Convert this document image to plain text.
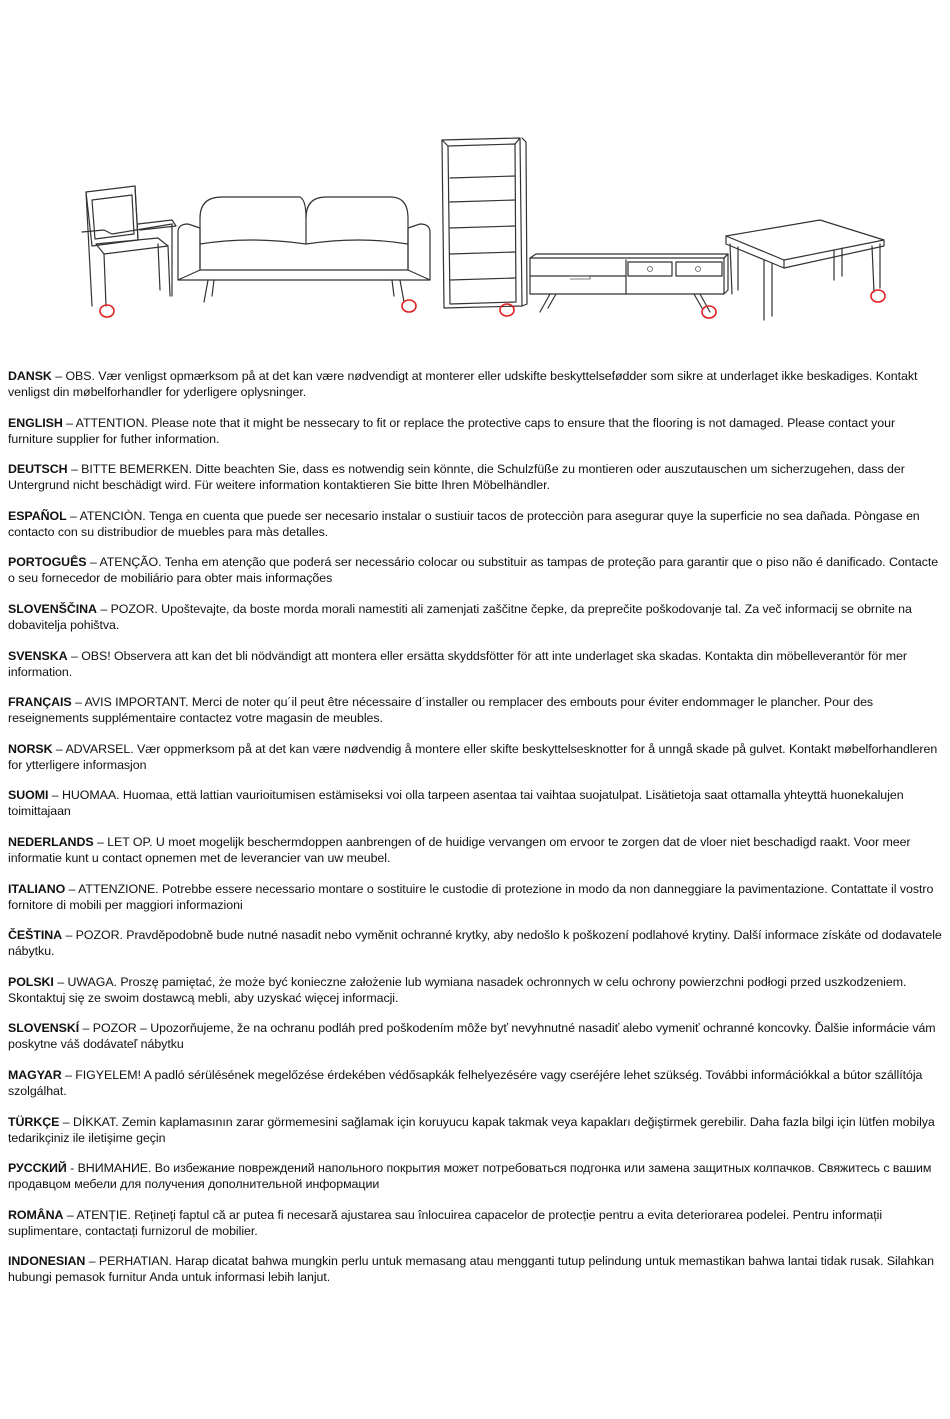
DANSK – OBS. Vær venligst opmærksom på at det kan være nødvendigt at monterer eller udskifte beskyttelsefødder som sikre at underlaget ikke beskadiges. Kontakt venligst din møbelforhandler for yderligere oplysninger.

ENGLISH – ATTENTION. Please note that it might be nessecary to fit or replace the protective caps to ensure that the flooring is not damaged. Please contact your furniture supplier for futher information.

DEUTSCH – BITTE BEMERKEN. Ditte beachten Sie, dass es notwendig sein könnte, die Schulzfüße zu montieren oder auszutauschen um sicherzugehen, dass der Untergrund nicht beschädigt wird. Für weitere information kontaktieren Sie bitte Ihren Möbelhändler.

ESPAÑOL – ATENCIÒN. Tenga en cuenta que puede ser necesario instalar o sustiuir tacos de protecciòn para asegurar quye la superficie no sea dañada. Pòngase en contacto con su distribudior de muebles para màs detalles.

PORTOGUÊS – ATENÇÃO. Tenha em atenção que poderá ser necessário colocar ou substituir as tampas de proteção para garantir que o piso não é danificado. Contacte o seu fornecedor de mobiliário para obter mais informações

SLOVENŠČINA – POZOR. Upoštevajte, da boste morda morali namestiti ali zamenjati zaščitne čepke, da preprečite poškodovanje tal. Za več informacij se obrnite na dobavitelja pohištva.

SVENSKA – OBS! Observera att kan det bli nödvändigt att montera eller ersätta skyddsfötter för att inte underlaget ska skadas. Kontakta din möbelleverantör för mer information.

FRANÇAIS – AVIS IMPORTANT. Merci de noter qu´il peut être nécessaire d´installer ou remplacer des embouts pour éviter endommager le plancher. Pour des reseignements supplémentaire contactez votre magasin de meubles.

NORSK – ADVARSEL. Vær oppmerksom på at det kan være nødvendig å montere eller skifte beskyttelsesknotter for å unngå skade på gulvet. Kontakt møbelforhandleren for ytterligere informasjon

SUOMI – HUOMAA. Huomaa, että lattian vaurioitumisen estämiseksi voi olla tarpeen asentaa tai vaihtaa suojatulpat. Lisätietoja saat ottamalla yhteyttä huonekalujen toimittajaan

NEDERLANDS – LET OP. U moet mogelijk beschermdoppen aanbrengen of de huidige vervangen om ervoor te zorgen dat de vloer niet beschadigd raakt. Voor meer informatie kunt u contact opnemen met de leverancier van uw meubel.

ITALIANO – ATTENZIONE. Potrebbe essere necessario montare o sostituire le custodie di protezione in modo da non danneggiare la pavimentazione. Contattate il vostro fornitore di mobili per maggiori informazioni

ČEŠTINA – POZOR. Pravděpodobně bude nutné nasadit nebo vyměnit ochranné krytky, aby nedošlo k poškození podlahové krytiny. Další informace získáte od dodavatele nábytku.

POLSKI – UWAGA. Proszę pamiętać, że może być konieczne założenie lub wymiana nasadek ochronnych w celu ochrony powierzchni podłogi przed uszkodzeniem. Skontaktuj się ze swoim dostawcą mebli, aby uzyskać więcej informacji.

SLOVENSKÍ – POZOR – Upozorňujeme, že na ochranu podláh pred poškodením môže byť nevyhnutné nasadiť alebo vymeniť ochranné koncovky. Ďalšie informácie vám poskytne váš dodávateľ nábytku

MAGYAR – FIGYELEM! A padló sérülésének megelőzése érdekében védősapkák felhelyezésére vagy cseréjére lehet szükség. További információkkal a bútor szállítója szolgálhat.

TÜRKÇE – DİKKAT. Zemin kaplamasının zarar görmemesini sağlamak için koruyucu kapak takmak veya kapakları değiştirmek gerebilir. Daha fazla bilgi için lütfen mobilya tedarikçiniz ile iletişime geçin

РУССКИЙ - ВНИМАНИЕ. Во избежание повреждений напольного покрытия может потребоваться подгонка или замена защитных колпачков. Свяжитесь с вашим продавцом мебели для получения дополнительной информации

ROMÂNA – ATENȚIE. Rețineți faptul că ar putea fi necesară ajustarea sau înlocuirea capacelor de protecție pentru a evita deteriorarea podelei. Pentru informații suplimentare, contactați furnizorul de mobilier.

INDONESIAN – PERHATIAN. Harap dicatat bahwa mungkin perlu untuk memasang atau mengganti tutup pelindung untuk memastikan bahwa lantai tidak rusak. Silahkan hubungi pemasok furnitur Anda untuk informasi lebih lanjut.
